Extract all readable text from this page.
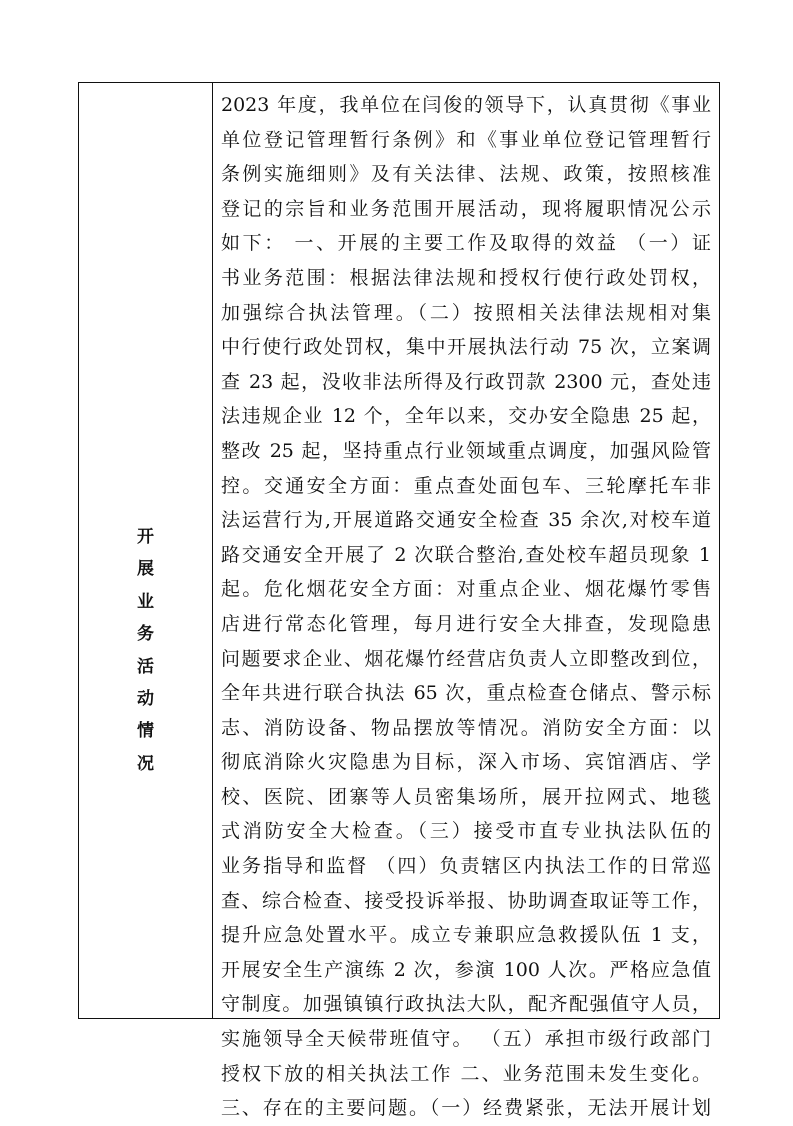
开
展
业
务
活
动
情
况
2023 年度，我单位在闫俊的领导下，认真贯彻《事业
单位登记管理暂行条例》和《事业单位登记管理暂行
条例实施细则》及有关法律、法规、政策，按照核准
登记的宗旨和业务范围开展活动，现将履职情况公示
如下： 一、开展的主要工作及取得的效益 （一）证
书业务范围：根据法律法规和授权行使行政处罚权，
加强综合执法管理。（二）按照相关法律法规相对集
中行使行政处罚权，集中开展执法行动 75 次，立案调
查 23 起，没收非法所得及行政罚款 2300 元，查处违
法违规企业 12 个，全年以来，交办安全隐患 25 起，
整改 25 起，坚持重点行业领域重点调度，加强风险管
控。交通安全方面：重点查处面包车、三轮摩托车非
法运营行为,开展道路交通安全检查 35 余次,对校车道
路交通安全开展了 2 次联合整治,查处校车超员现象 1
起。危化烟花安全方面：对重点企业、烟花爆竹零售
店进行常态化管理，每月进行安全大排查，发现隐患
问题要求企业、烟花爆竹经营店负责人立即整改到位，
全年共进行联合执法 65 次，重点检查仓储点、警示标
志、消防设备、物品摆放等情况。消防安全方面：以
彻底消除火灾隐患为目标，深入市场、宾馆酒店、学
校、医院、团寨等人员密集场所，展开拉网式、地毯
式消防安全大检查。（三）接受市直专业执法队伍的
业务指导和监督 （四）负责辖区内执法工作的日常巡
查、综合检查、接受投诉举报、协助调查取证等工作，
提升应急处置水平。成立专兼职应急救援队伍 1 支，
开展安全生产演练 2 次，参演 100 人次。严格应急值
守制度。加强镇镇行政执法大队，配齐配强值守人员，
实施领导全天候带班值守。 （五）承担市级行政部门
授权下放的相关执法工作 二、业务范围未发生变化。
三、存在的主要问题。（一）经费紧张，无法开展计划
